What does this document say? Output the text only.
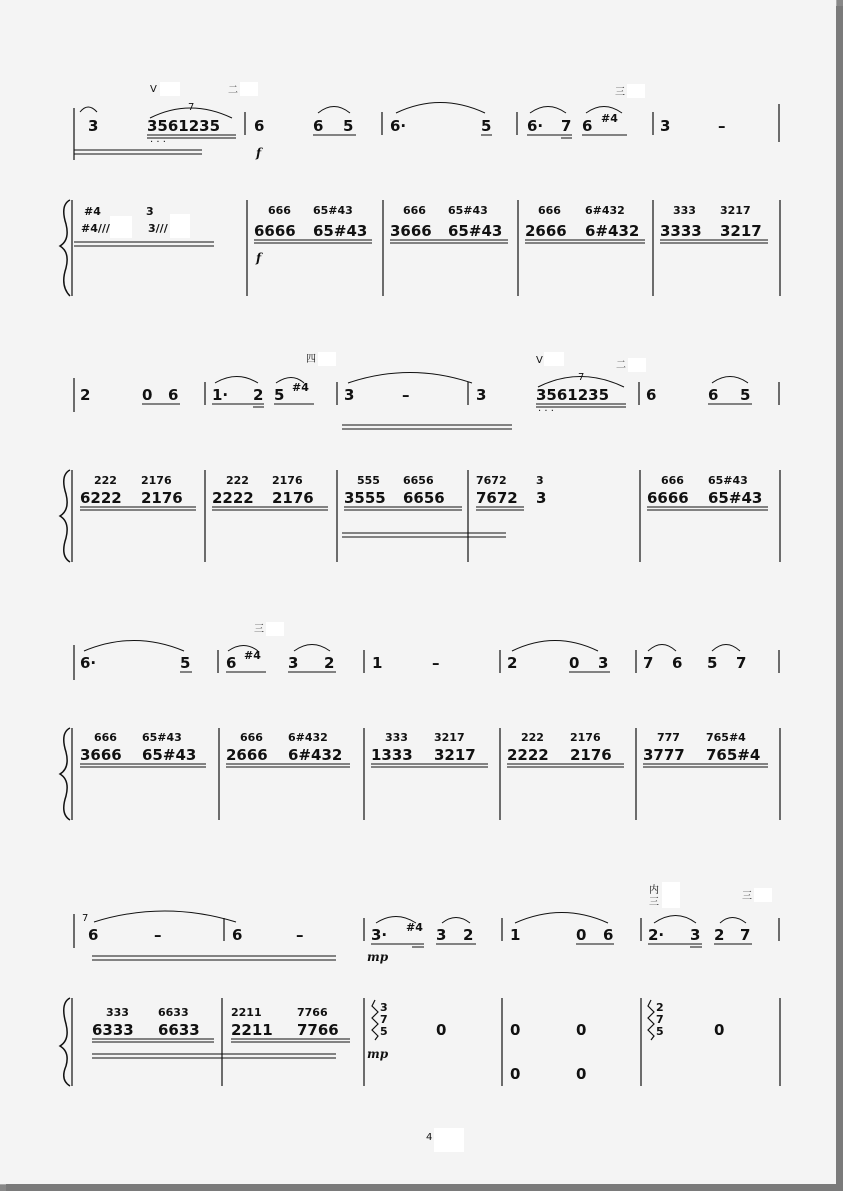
3
V	二
7
3561235
· · ·
6
f
6 5 6·	5 6· 7 6 #4
三
3	–
#4	3
#4///	3///
666 65#43
6666 65#43
f
666 65#43
3666 65#43
666 6#432
2666 6#432
333 3217
3333 3217
2	0 6 1· 2 5 #4
四
3	–	3
V	二
7
3561235
· · ·
6	6 5
222 2176
6222 2176
222 2176
2222 2176
555 6656
3555 6656
7672	3
7672 3
666 65#43
6666 65#43
6·	5 6 #4
三
3 2	1	–	2	0 3 7 6 5 7
666 65#43
3666 65#43
666 6#432
2666 6#432
333 3217
1333 3217
222 2176
2222 2176
777 765#4
3777 765#4
7
6	–	6	–	3· #4
mp
3 2 1	0 6
内
三
2· 3
三
2 7
333	6633
6333 6633
2211	7766
2211 7766
3
7
5
mp
0	0	0
0	0
2
7
5	0
4
